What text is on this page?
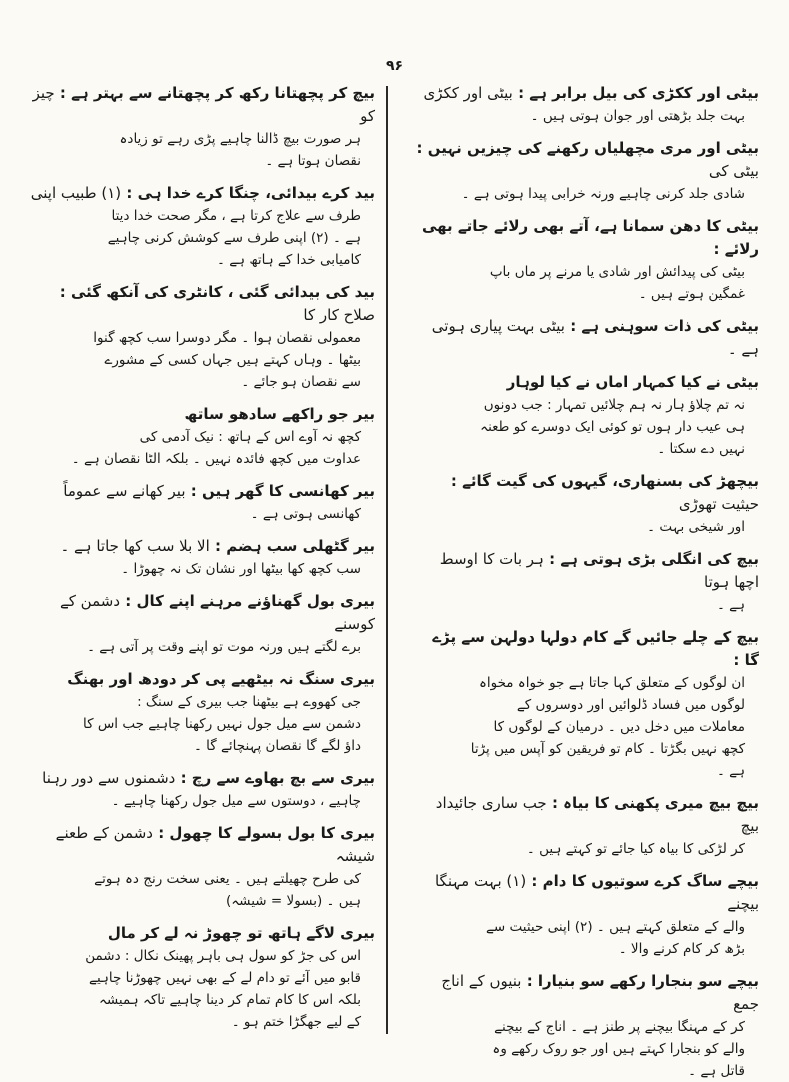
۹۶

بیٹی اور ککڑی کی بیل برابر ہے : بیٹی اور ککڑی

بہت جلد بڑھتی اور جوان ہوتی ہیں ۔

بیٹی اور مری مچھلیاں رکھنے کی چیزیں نہیں : بیٹی کی

شادی جلد کرنی چاہیے ورنہ خرابی پیدا ہوتی ہے ۔

بیٹی کا دھن سمانا ہے، آتے بھی رلائے جاتے بھی رلائے :

بیٹی کی پیدائش اور شادی یا مرنے پر ماں باپ
غمگین ہوتے ہیں ۔

بیٹی کی ذات سوہنی ہے : بیٹی بہت پیاری ہوتی ہے ۔

بیٹی نے کیا کمہار اماں نے کیا لوہار

نہ تم چلاؤ ہار نہ ہم چلائیں تمہار : جب دونوں
ہی عیب دار ہوں تو کوئی ایک دوسرے کو طعنہ
نہیں دے سکتا ۔

بیچھڑ کی بسنھاری، گیہوں کی گیت گائے : حیثیت تھوڑی

اور شیخی بہت ۔

بیچ کی انگلی بڑی ہوتی ہے : ہر بات کا اوسط اچھا ہوتا

ہے ۔

بیچ کے چلے جائیں گے کام دولہا دولہن سے پڑے گا :

ان لوگوں کے متعلق کہا جاتا ہے جو خواہ مخواہ
لوگوں میں فساد ڈلوائیں اور دوسروں کے
معاملات میں دخل دیں ۔ درمیان کے لوگوں کا
کچھ نہیں بگڑتا ۔ کام تو فریقین کو آپس میں پڑتا
ہے ۔

بیچ بیچ میری پکھنی کا بیاہ : جب ساری جائیداد بیچ

کر لڑکی کا بیاہ کیا جائے تو کہتے ہیں ۔

بیچے ساگ کرے سوتیوں کا دام : (۱) بہت مہنگا بیچنے

والے کے متعلق کہتے ہیں ۔ (۲) اپنی حیثیت سے
بڑھ کر کام کرنے والا ۔

بیچے سو بنجارا رکھے سو بنیارا : بنیوں کے اناج جمع

کر کے مہنگا بیچنے پر طنز ہے ۔ اناج کے بیچنے
والے کو بنجارا کہتے ہیں اور جو روک رکھے وہ
قاتل ہے ۔

بیچ کر پچھتانا رکھ کر پچھتانے سے بہتر ہے : چیز کو

ہر صورت بیچ ڈالنا چاہیے پڑی رہے تو زیادہ
نقصان ہوتا ہے ۔

بید کرے بیدائی، چنگا کرے خدا ہی : (۱) طبیب اپنی

طرف سے علاج کرتا ہے ، مگر صحت خدا دیتا
ہے ۔ (۲) اپنی طرف سے کوشش کرنی چاہیے
کامیابی خدا کے ہاتھ ہے ۔

بید کی بیدائی گئی ، کانٹری کی آنکھ گئی : صلاح کار کا

معمولی نقصان ہوا ۔ مگر دوسرا سب کچھ گنوا
بیٹھا ۔ وہاں کہتے ہیں جہاں کسی کے مشورے
سے نقصان ہو جائے ۔

بیر جو راکھے سادھو ساتھ

کچھ نہ آوے اس کے ہاتھ : نیک آدمی کی
عداوت میں کچھ فائدہ نہیں ۔ بلکہ الٹا نقصان ہے ۔

بیر کھانسی کا گھر ہیں : بیر کھانے سے عموماً

کھانسی ہوتی ہے ۔

بیر گٹھلی سب ہضم : الا بلا سب کھا جاتا ہے ۔

سب کچھ کھا بیٹھا اور نشان تک نہ چھوڑا ۔

بیری بول گھناؤنے مرہنے اپنے کال : دشمن کے کوسنے

برے لگتے ہیں ورنہ موت تو اپنے وقت پر آتی ہے ۔

بیری سنگ نہ بیٹھیے پی کر دودھ اور بھنگ

جی کھووے ہے بیٹھنا جب بیری کے سنگ :
دشمن سے میل جول نہیں رکھنا چاہیے جب اس کا
داؤ لگے گا نقصان پہنچائے گا ۔

بیری سے بچ بھاوے سے رچ : دشمنوں سے دور رہنا

چاہیے ، دوستوں سے میل جول رکھنا چاہیے ۔

بیری کا بول بسولے کا چھول : دشمن کے طعنے شیشہ

کی طرح چھیلتے ہیں ۔ یعنی سخت رنج دہ ہوتے
ہیں ۔ (بسولا = شیشہ)

بیری لاگے ہاتھ تو چھوڑ نہ لے کر مال

اس کی جڑ کو سول ہی باہر پھینک نکال : دشمن
قابو میں آئے تو دام لے کے بھی نہیں چھوڑنا چاہیے
بلکہ اس کا کام تمام کر دینا چاہیے تاکہ ہمیشہ
کے لیے جھگڑا ختم ہو ۔
